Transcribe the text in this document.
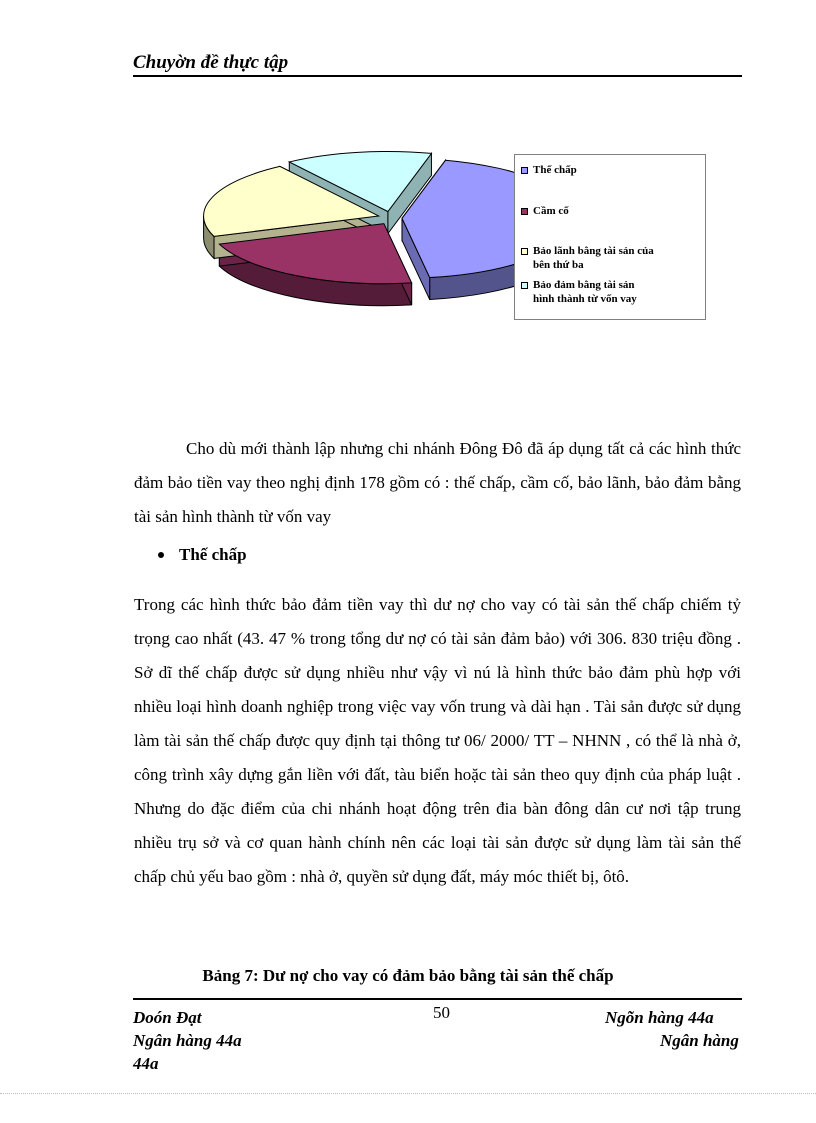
Chuyờn đề thực tập
Thế chấp
Cầm cố
Bảo lãnh bằng tài sản của
bên thứ ba
Bảo đảm bằng tài sản
hình thành từ vốn vay
Cho dù mới thành lập nhưng chi nhánh Đông Đô đã áp dụng tất cả các hình thức đảm bảo tiền vay theo nghị định 178 gồm có : thế chấp, cầm cố, bảo lãnh, bảo đảm bằng tài sản hình thành từ vốn vay
Thế chấp
Trong các hình thức bảo đảm tiền vay thì dư nợ cho vay có tài sản thế chấp chiếm tỷ trọng cao nhất (43. 47 % trong tổng dư nợ có tài sản đảm bảo) với 306. 830 triệu đồng . Sở dĩ thế chấp được sử dụng nhiều như vậy vì nú là hình thức bảo đảm phù hợp với nhiều loại hình doanh nghiệp trong việc vay vốn trung và dài hạn . Tài sản được sử dụng làm tài sản thế chấp được quy định tại thông tư 06/ 2000/ TT – NHNN , có thể là nhà ở, công trình xây dựng gắn liền với đất, tàu biển hoặc tài sản theo quy định của pháp luật . Nhưng do đặc điểm của chi nhánh hoạt động trên đia bàn đông dân cư nơi tập trung nhiều trụ sở và cơ quan hành chính nên các loại tài sản được sử dụng làm tài sản thế chấp chủ yếu bao gồm : nhà ở, quyền sử dụng đất, máy móc thiết bị, ôtô.
Bảng 7: Dư nợ cho vay có đảm bảo bằng tài sản thế chấp
50
Doón Đạt
Ngân hàng 44a
44a
Ngõn hàng 44a
Ngân hàng
